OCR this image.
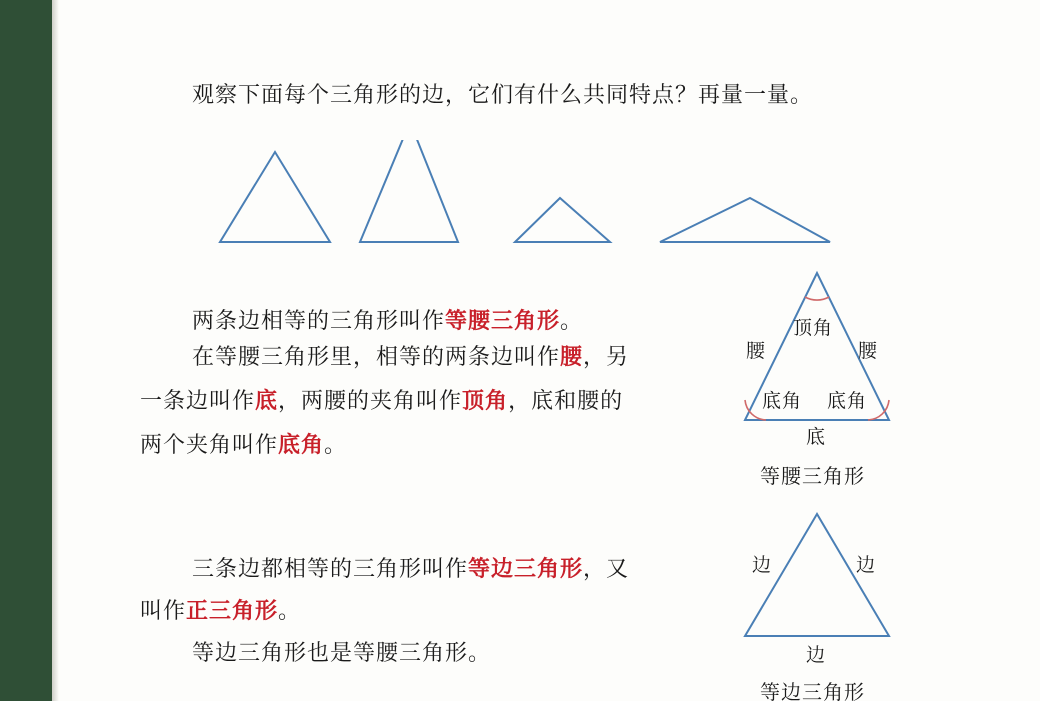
观察下面每个三角形的边，它们有什么共同特点？再量一量。
两条边相等的三角形叫作等腰三角形。
在等腰三角形里，相等的两条边叫作腰，另
一条边叫作底，两腰的夹角叫作顶角，底和腰的
两个夹角叫作底角。
腰	腰
顶角
底角 底角
底
等腰三角形
三条边都相等的三角形叫作等边三角形，又
叫作正三角形。
等边三角形也是等腰三角形。
边	边
边
等边三角形
